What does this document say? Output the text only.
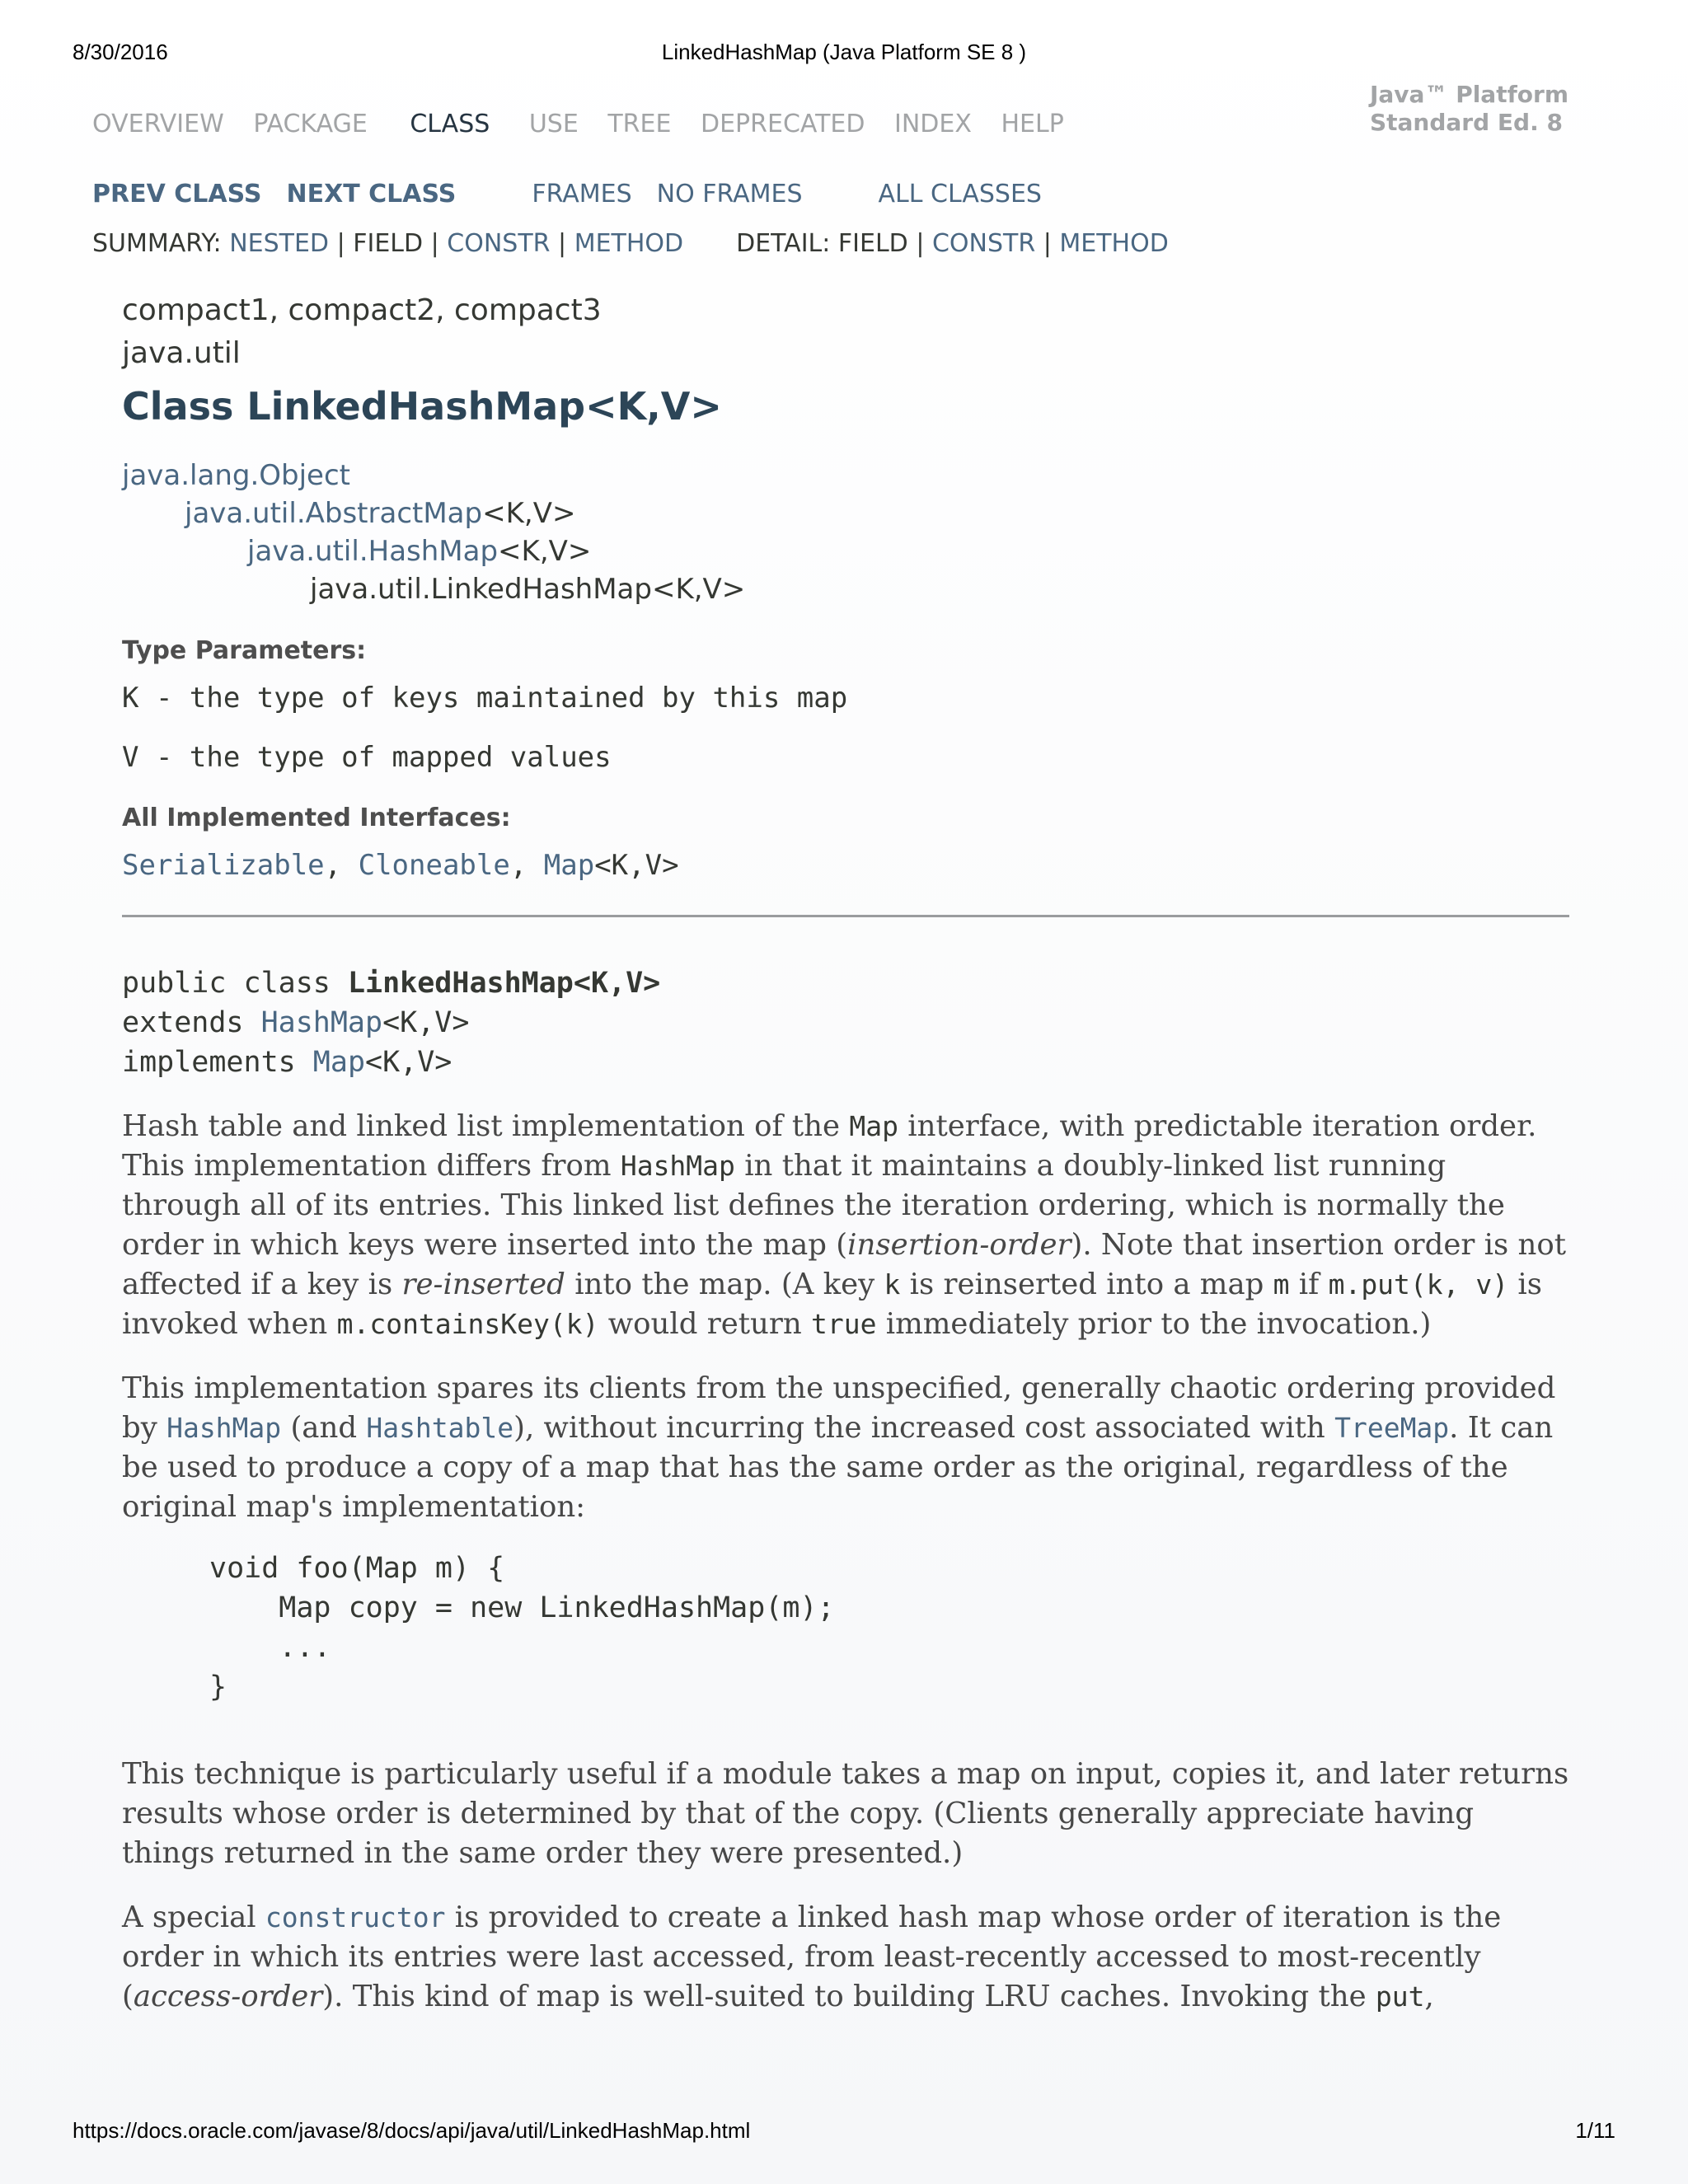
8/30/2016	LinkedHashMap (Java Platform SE 8 )
Java™ Platform
Standard Ed. 8
OVERVIEW PACKAGE CLASS USE TREE DEPRECATED INDEX HELP
PREV CLASS NEXT CLASS	FRAMES NO FRAMES	ALL CLASSES
SUMMARY: NESTED | FIELD | CONSTR | METHOD DETAIL: FIELD | CONSTR | METHOD
compact1, compact2, compact3
java.util
Class LinkedHashMap<K,V>
java.lang.Object
java.util.AbstractMap<K,V>
java.util.HashMap<K,V>
java.util.LinkedHashMap<K,V>
Type Parameters:
K - the type of keys maintained by this map
V - the type of mapped values
All Implemented Interfaces:
Serializable, Cloneable, Map<K,V>
public class LinkedHashMap<K,V>
extends HashMap<K,V>
implements Map<K,V>
Hash table and linked list implementation of the Map interface, with predictable iteration order. This implementation differs from HashMap in that it maintains a doubly-linked list running through all of its entries. This linked list defines the iteration ordering, which is normally the order in which keys were inserted into the map (insertion-order). Note that insertion order is not affected if a key is re-inserted into the map. (A key k is reinserted into a map m if m.put(k, v) is invoked when m.containsKey(k) would return true immediately prior to the invocation.)
This implementation spares its clients from the unspecified, generally chaotic ordering provided by HashMap (and Hashtable), without incurring the increased cost associated with TreeMap. It can be used to produce a copy of a map that has the same order as the original, regardless of the original map's implementation:
void foo(Map m) {
Map copy = new LinkedHashMap(m);
...
}
This technique is particularly useful if a module takes a map on input, copies it, and later returns results whose order is determined by that of the copy. (Clients generally appreciate having things returned in the same order they were presented.)
A special constructor is provided to create a linked hash map whose order of iteration is the order in which its entries were last accessed, from least-recently accessed to most-recently (access-order). This kind of map is well-suited to building LRU caches. Invoking the put,
https://docs.oracle.com/javase/8/docs/api/java/util/LinkedHashMap.html	1/11
